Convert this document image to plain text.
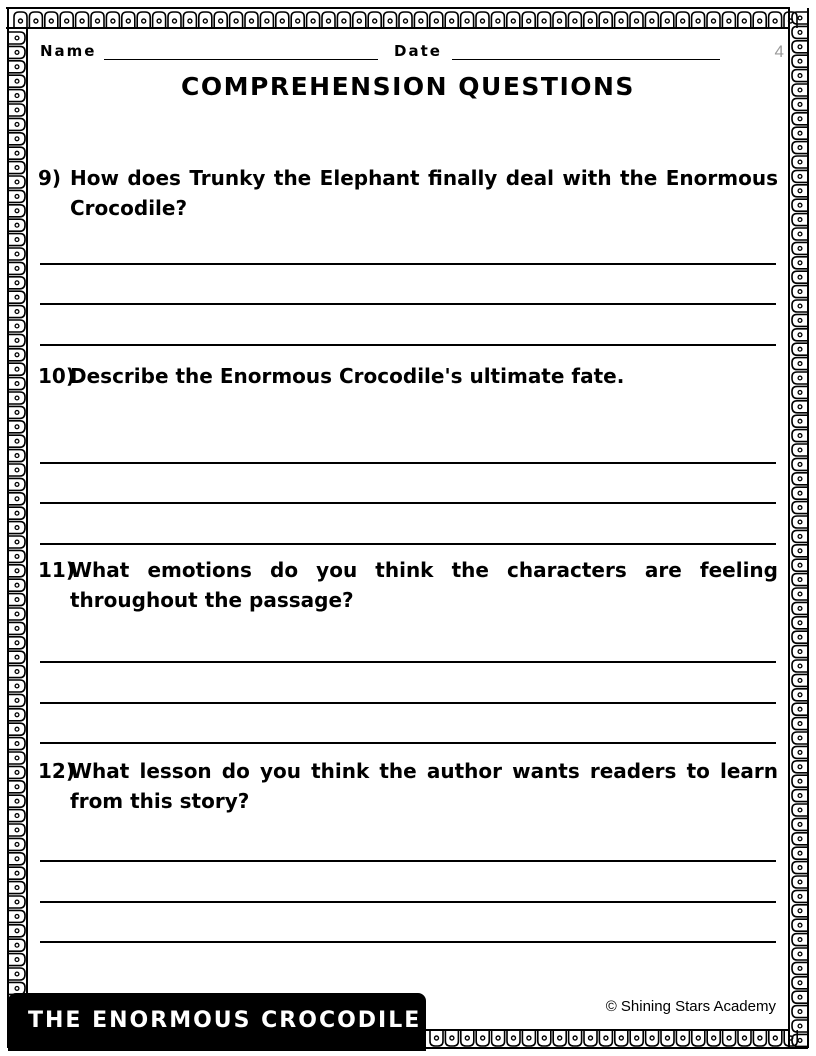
Name	Date	4
COMPREHENSION QUESTIONS
9) How does Trunky the Elephant finally deal with the Enormous Crocodile?
10)
Describe the Enormous Crocodile's ultimate fate.
11)
What emotions do you think the characters are feeling throughout the passage?
12)
What lesson do you think the author wants readers to learn from this story?
THE ENORMOUS CROCODILE
© Shining Stars Academy
